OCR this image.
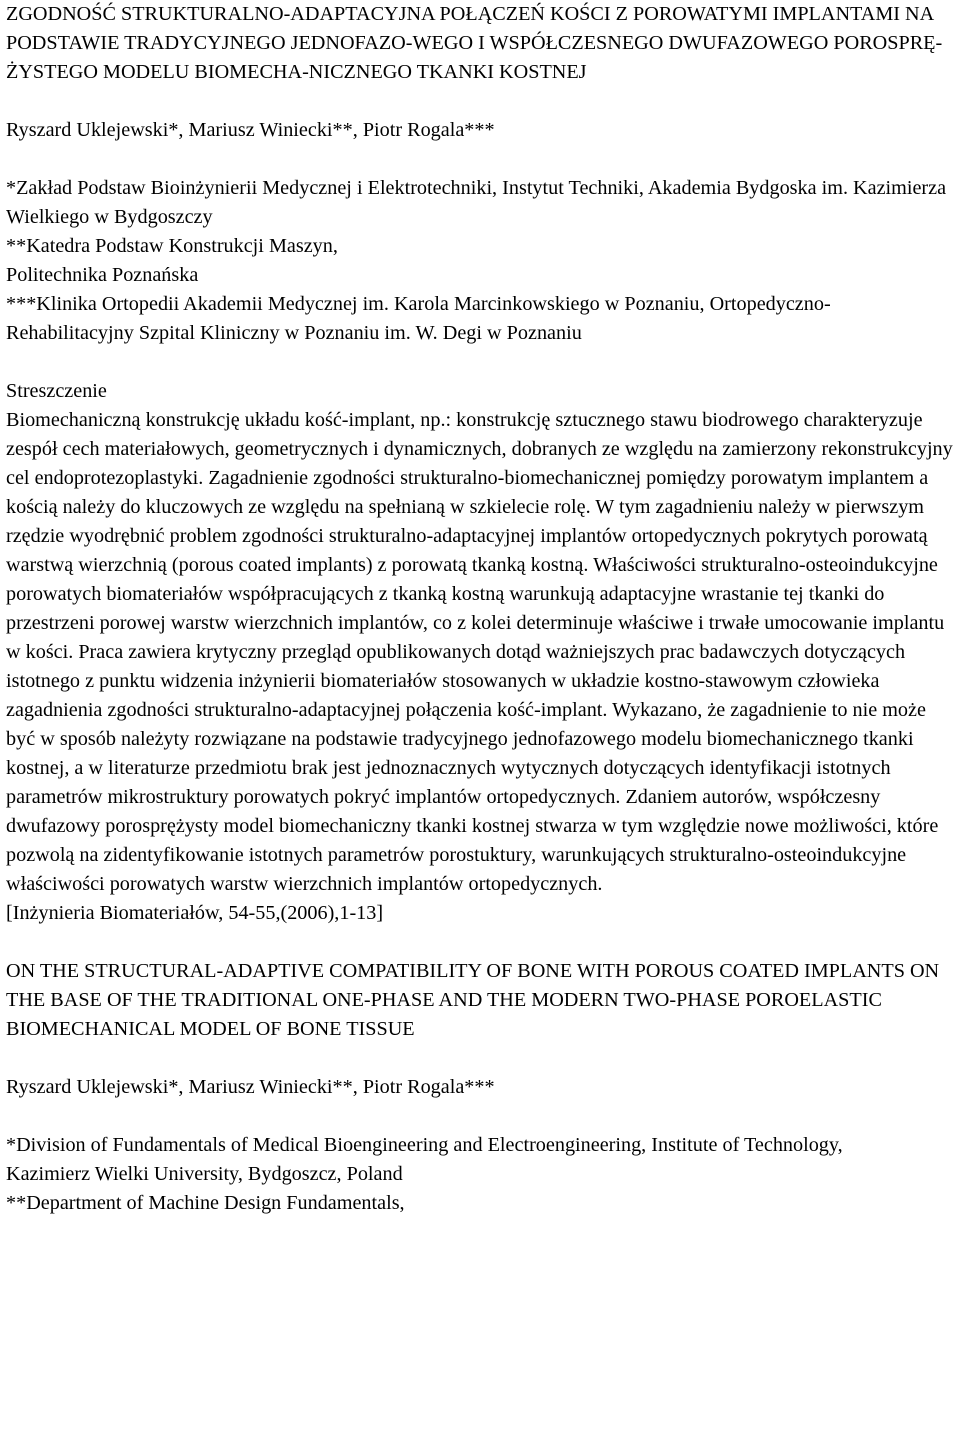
ZGODNOŚĆ STRUKTURALNO-ADAPTACYJNA POŁĄCZEŃ KOŚCI Z POROWATYMI IMPLANTAMI NA PODSTAWIE TRADYCYJNEGO JEDNOFAZO-WEGO I WSPÓŁCZESNEGO DWUFAZOWEGO POROSPRĘ-ŻYSTEGO MODELU BIOMECHA-NICZNEGO TKANKI KOSTNEJ

Ryszard Uklejewski*, Mariusz Winiecki**, Piotr Rogala***

*Zakład Podstaw Bioinżynierii Medycznej i Elektrotechniki, Instytut Techniki, Akademia Bydgoska im. Kazimierza Wielkiego w Bydgoszczy
**Katedra Podstaw Konstrukcji Maszyn,
Politechnika Poznańska
***Klinika Ortopedii Akademii Medycznej im. Karola Marcinkowskiego w Poznaniu, Ortopedyczno-Rehabilitacyjny Szpital Kliniczny w Poznaniu im. W. Degi w Poznaniu

Streszczenie

Biomechaniczną konstrukcję układu kość-implant, np.: konstrukcję sztucznego stawu biodrowego charakteryzuje zespół cech materiałowych, geometrycznych i dynamicznych, dobranych ze względu na zamierzony rekonstrukcyjny cel endoprotezoplastyki. Zagadnienie zgodności strukturalno-biomechanicznej pomiędzy porowatym implantem a kością należy do kluczowych ze względu na spełnianą w szkielecie rolę. W tym zagadnieniu należy w pierwszym rzędzie wyodrębnić problem zgodności strukturalno-adaptacyjnej implantów ortopedycznych pokrytych porowatą warstwą wierzchnią (porous coated implants) z porowatą tkanką kostną. Właściwości strukturalno-osteoindukcyjne porowatych biomateriałów współpracujących z tkanką kostną warunkują adaptacyjne wrastanie tej tkanki do przestrzeni porowej warstw wierzchnich implantów, co z kolei determinuje właściwe i trwałe umocowanie implantu w kości. Praca zawiera krytyczny przegląd opublikowanych dotąd ważniejszych prac badawczych dotyczących istotnego z punktu widzenia inżynierii biomateriałów stosowanych w układzie kostno-stawowym człowieka zagadnienia zgodności strukturalno-adaptacyjnej połączenia kość-implant. Wykazano, że zagadnienie to nie może być w sposób należyty rozwiązane na podstawie tradycyjnego jednofazowego modelu biomechanicznego tkanki kostnej, a w literaturze przedmiotu brak jest jednoznacznych wytycznych dotyczących identyfikacji istotnych parametrów mikrostruktury porowatych pokryć implantów ortopedycznych. Zdaniem autorów, współczesny dwufazowy porosprężysty model biomechaniczny tkanki kostnej stwarza w tym względzie nowe możliwości, które pozwolą na zidentyfikowanie istotnych parametrów porostuktury, warunkujących strukturalno-osteoindukcyjne właściwości porowatych warstw wierzchnich implantów ortopedycznych.

[Inżynieria Biomateriałów, 54-55,(2006),1-13]

ON THE STRUCTURAL-ADAPTIVE COMPATIBILITY OF BONE WITH POROUS COATED IMPLANTS ON THE BASE OF THE TRADITIONAL ONE-PHASE AND THE MODERN TWO-PHASE POROELASTIC BIOMECHANICAL MODEL OF BONE TISSUE

Ryszard Uklejewski*, Mariusz Winiecki**, Piotr Rogala***

*Division of Fundamentals of Medical Bioengineering and Electroengineering, Institute of Technology,
Kazimierz Wielki University, Bydgoszcz, Poland
**Department of Machine Design Fundamentals,
